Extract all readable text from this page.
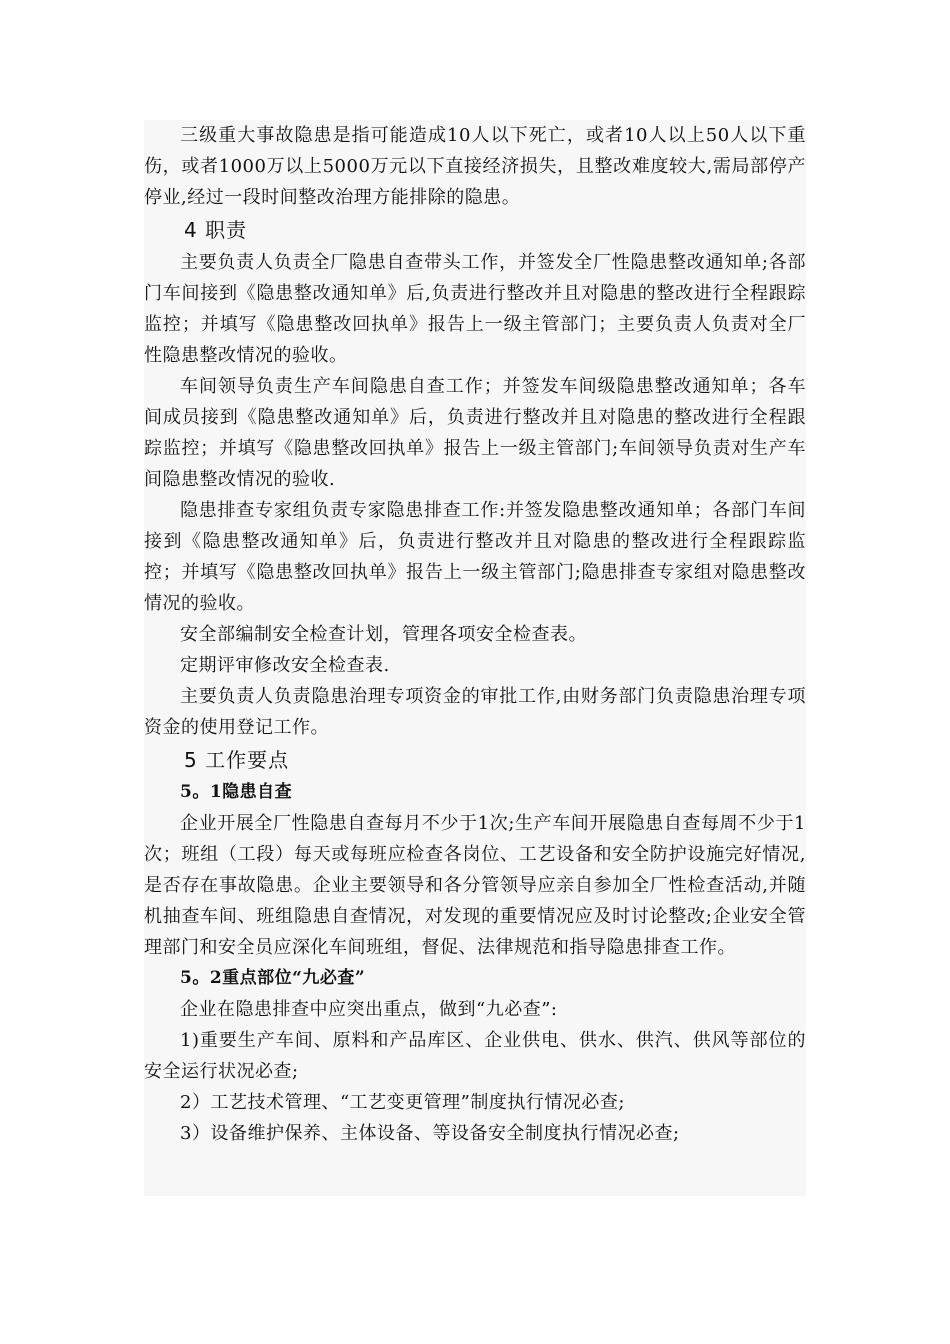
三级重大事故隐患是指可能造成10人以下死亡，或者10人以上50人以下重伤，或者1000万以上5000万元以下直接经济损失，且整改难度较大,需局部停产停业,经过一段时间整改治理方能排除的隐患。

4 职责

主要负责人负责全厂隐患自查带头工作，并签发全厂性隐患整改通知单;各部门车间接到《隐患整改通知单》后,负责进行整改并且对隐患的整改进行全程跟踪监控；并填写《隐患整改回执单》报告上一级主管部门；主要负责人负责对全厂性隐患整改情况的验收。

车间领导负责生产车间隐患自查工作；并签发车间级隐患整改通知单；各车间成员接到《隐患整改通知单》后，负责进行整改并且对隐患的整改进行全程跟踪监控；并填写《隐患整改回执单》报告上一级主管部门;车间领导负责对生产车间隐患整改情况的验收.

隐患排查专家组负责专家隐患排查工作:并签发隐患整改通知单；各部门车间接到《隐患整改通知单》后，负责进行整改并且对隐患的整改进行全程跟踪监控；并填写《隐患整改回执单》报告上一级主管部门;隐患排查专家组对隐患整改情况的验收。

安全部编制安全检查计划，管理各项安全检查表。

定期评审修改安全检查表.

主要负责人负责隐患治理专项资金的审批工作,由财务部门负责隐患治理专项资金的使用登记工作。

5 工作要点
5。1隐患自查

企业开展全厂性隐患自查每月不少于1次;生产车间开展隐患自查每周不少于1次；班组（工段）每天或每班应检查各岗位、工艺设备和安全防护设施完好情况,是否存在事故隐患。企业主要领导和各分管领导应亲自参加全厂性检查活动,并随机抽查车间、班组隐患自查情况，对发现的重要情况应及时讨论整改;企业安全管理部门和安全员应深化车间班组，督促、法律规范和指导隐患排查工作。

5。2重点部位“九必查”

企业在隐患排查中应突出重点，做到“九必查”:

1)重要生产车间、原料和产品库区、企业供电、供水、供汽、供风等部位的安全运行状况必查;

2）工艺技术管理、“工艺变更管理”制度执行情况必查;

3）设备维护保养、主体设备、等设备安全制度执行情况必查;
